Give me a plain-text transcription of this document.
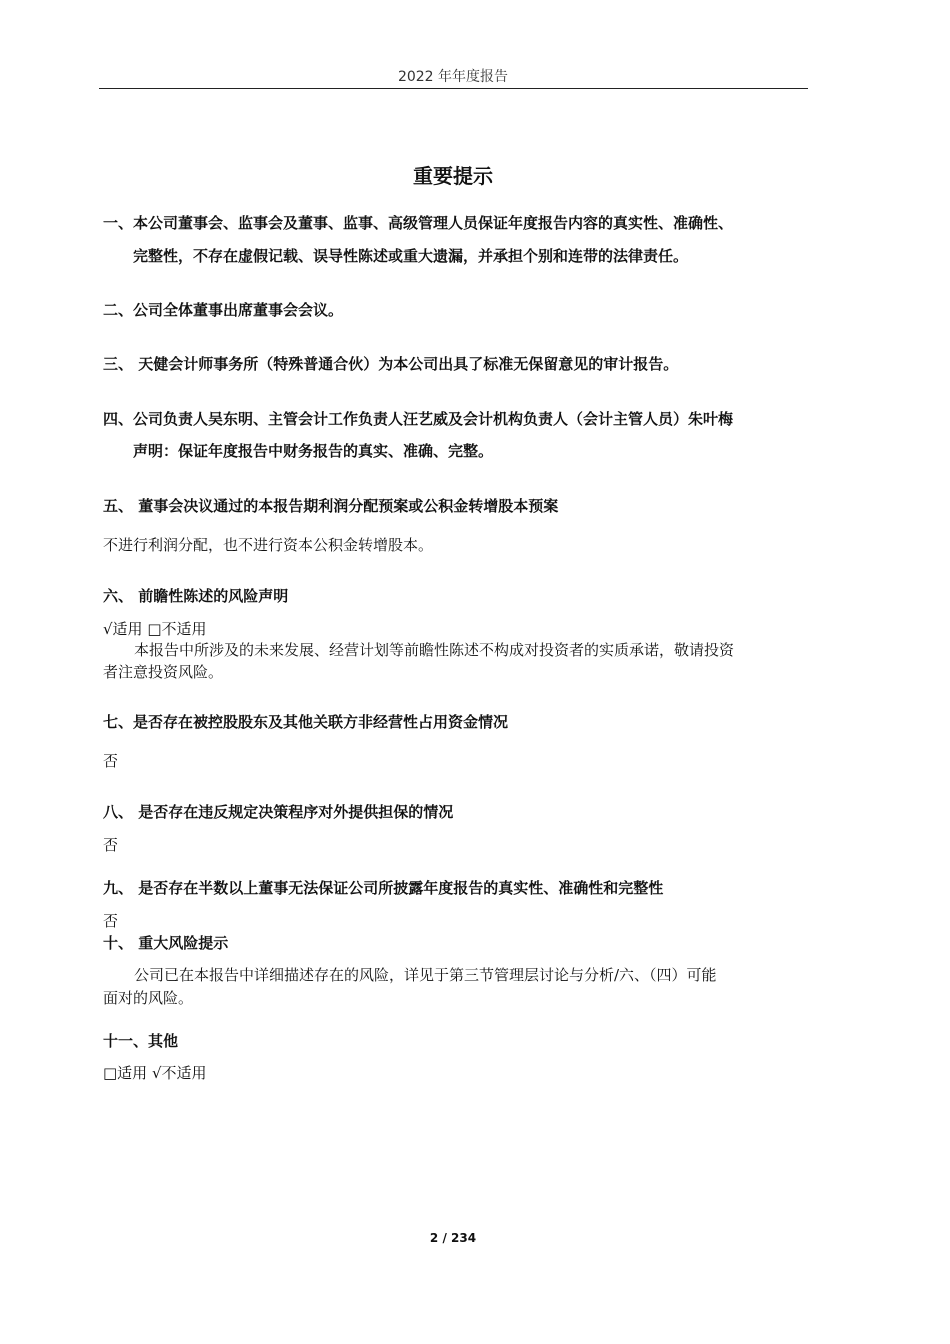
2022 年年度报告
重要提示
一、本公司董事会、监事会及董事、监事、高级管理人员保证年度报告内容的真实性、准确性、
完整性，不存在虚假记载、误导性陈述或重大遗漏，并承担个别和连带的法律责任。
二、公司全体董事出席董事会会议。
三、 天健会计师事务所（特殊普通合伙）为本公司出具了标准无保留意见的审计报告。
四、公司负责人吴东明、主管会计工作负责人汪艺威及会计机构负责人（会计主管人员）朱叶梅
声明：保证年度报告中财务报告的真实、准确、完整。
五、 董事会决议通过的本报告期利润分配预案或公积金转增股本预案
不进行利润分配，也不进行资本公积金转增股本。
六、 前瞻性陈述的风险声明
√适用 □不适用
本报告中所涉及的未来发展、经营计划等前瞻性陈述不构成对投资者的实质承诺，敬请投资
者注意投资风险。
七、是否存在被控股股东及其他关联方非经营性占用资金情况
否
八、 是否存在违反规定决策程序对外提供担保的情况
否
九、 是否存在半数以上董事无法保证公司所披露年度报告的真实性、准确性和完整性
否
十、 重大风险提示
公司已在本报告中详细描述存在的风险，详见于第三节管理层讨论与分析/六、（四）可能
面对的风险。
十一、其他
□适用 √不适用
2 / 234
